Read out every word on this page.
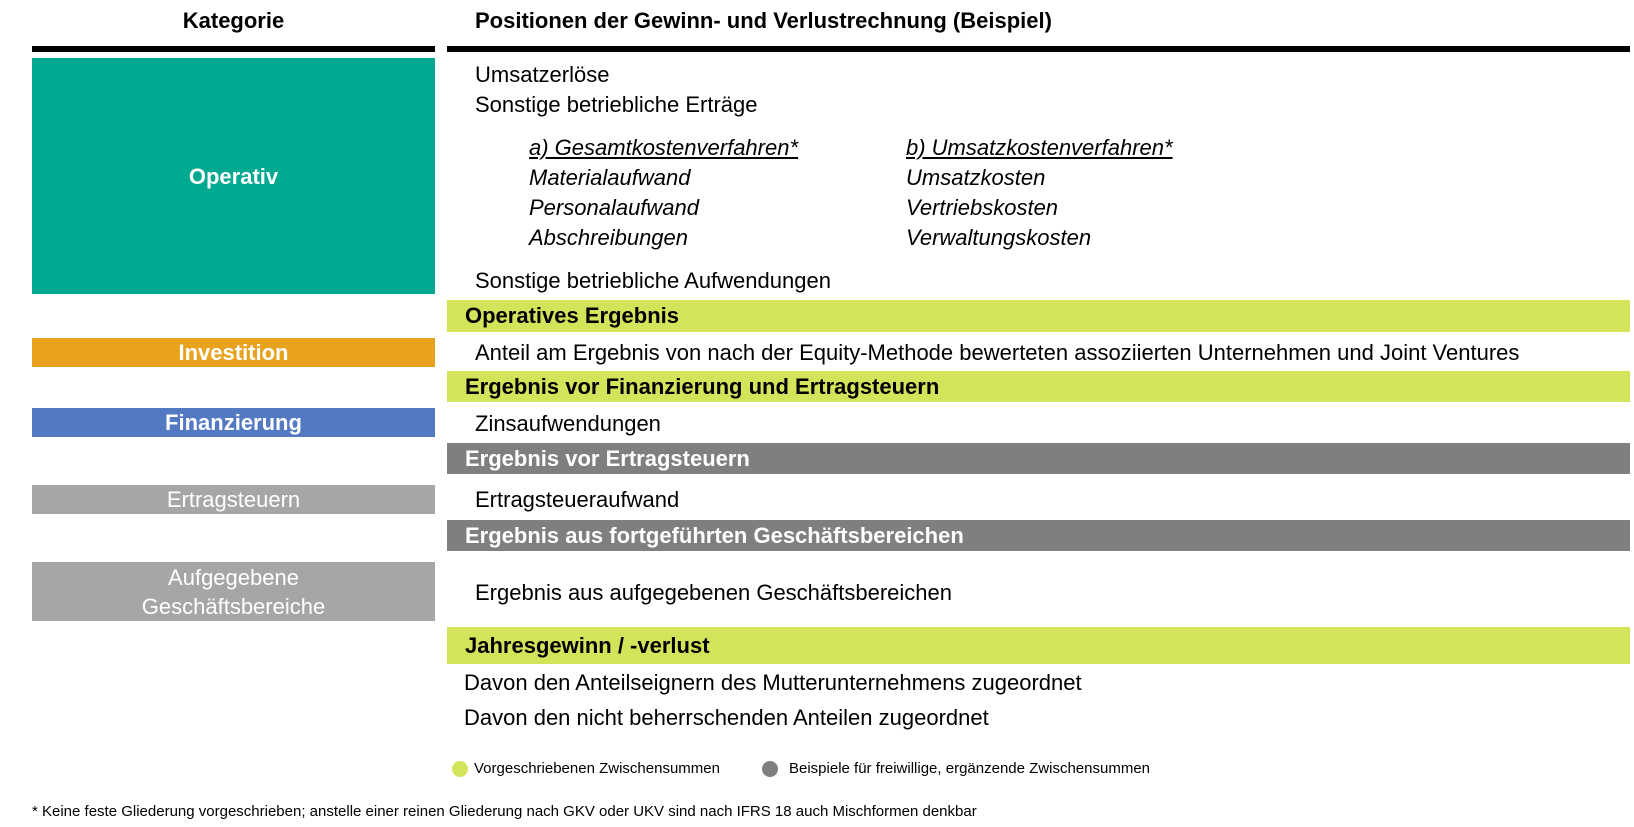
Kategorie	Positionen der Gewinn- und Verlustrechnung (Beispiel)
Operativ
Investition
Finanzierung
Ertragsteuern
Aufgegebene
Geschäftsbereiche
Umsatzerlöse
Sonstige betriebliche Erträge
a) Gesamtkostenverfahren*
Materialaufwand
Personalaufwand
Abschreibungen
b) Umsatzkostenverfahren*
Umsatzkosten
Vertriebskosten
Verwaltungskosten
Sonstige betriebliche Aufwendungen
Operatives Ergebnis
Anteil am Ergebnis von nach der Equity-Methode bewerteten assoziierten Unternehmen und Joint Ventures
Ergebnis vor Finanzierung und Ertragsteuern
Zinsaufwendungen
Ergebnis vor Ertragsteuern
Ertragsteueraufwand
Ergebnis aus fortgeführten Geschäftsbereichen
Ergebnis aus aufgegebenen Geschäftsbereichen
Jahresgewinn / -verlust
Davon den Anteilseignern des Mutterunternehmens zugeordnet
Davon den nicht beherrschenden Anteilen zugeordnet
Vorgeschriebenen Zwischensummen	Beispiele für freiwillige, ergänzende Zwischensummen
* Keine feste Gliederung vorgeschrieben; anstelle einer reinen Gliederung nach GKV oder UKV sind nach IFRS 18 auch Mischformen denkbar
